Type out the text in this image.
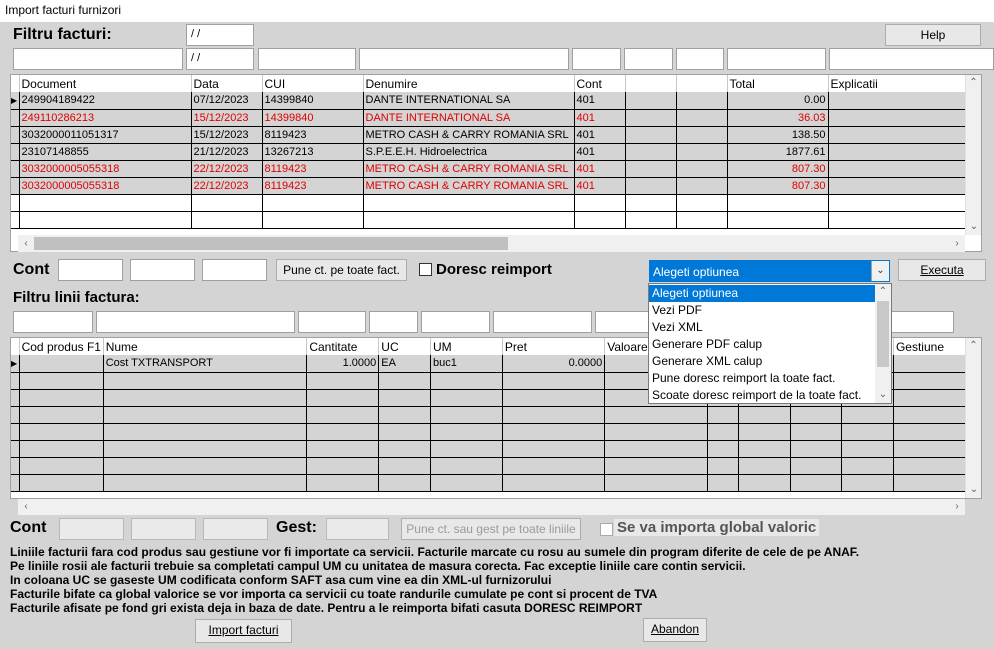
Import facturi furnizori
Filtru facturi:	/ /	Help
/ /
	Document	Data	CUI	Denumire	Cont			Total	Explicatii
▶	249904189422	07/12/2023	14399840	DANTE INTERNATIONAL SA	401			0.00	
	249110286213	15/12/2023	14399840	DANTE INTERNATIONAL SA	401			36.03	
	3032000011051317	15/12/2023	8119423	METRO CASH & CARRY ROMANIA SRL	401			138.50	
	23107148855	21/12/2023	13267213	S.P.E.E.H. Hidroelectrica	401			1877.61	
	3032000005055318	22/12/2023	8119423	METRO CASH & CARRY ROMANIA SRL	401			807.30	
	3032000005055318	22/12/2023	8119423	METRO CASH & CARRY ROMANIA SRL	401			807.30	

⌃
⌄
‹	›
Cont	Pune ct. pe toate fact.	Doresc reimport	Alegeti optiunea	⌄	Executa
Filtru linii factura:
	Cod produs F1	Nume	Cantitate	UC	UM	Pret	Valoare					Gestiune
▶		Cost TXTRANSPORT	1.0000	EA	buc1	0.0000						

⌃
⌄
‹	›
Alegeti optiunea
Vezi PDF
Vezi XML
Generare PDF calup
Generare XML calup
Pune doresc reimport la toate fact.
Scoate doresc reimport de la toate fact.
⌃
⌄
Cont	Gest:	Pune ct. sau gest pe toate liniile	Se va importa global valoric
Liniile facturii fara cod produs sau gestiune vor fi importate ca servicii. Facturile marcate cu rosu au sumele din program diferite de cele de pe ANAF.
Pe liniile rosii ale facturii trebuie sa completati campul UM cu unitatea de masura corecta. Fac exceptie liniile care contin servicii.
In coloana UC se gaseste UM codificata conform SAFT asa cum vine ea din XML-ul furnizorului
Facturile bifate ca global valorice se vor importa ca servicii cu toate randurile cumulate pe cont si procent de TVA
Facturile afisate pe fond gri exista deja in baza de date. Pentru a le reimporta bifati casuta DORESC REIMPORT
Import facturi	Abandon
